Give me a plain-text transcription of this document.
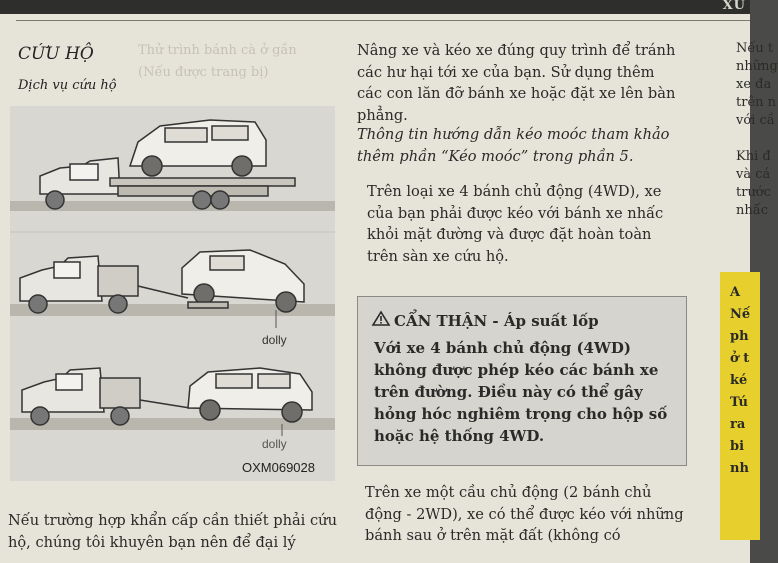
XU
Thử trình bánh cà ở gần
(Nếu được trang bị)
CỨU HỘ
Dịch vụ cứu hộ
dolly
dolly
OXM069028
Nếu trường hợp khẩn cấp cần thiết phải cứu hộ, chúng tôi khuyên bạn nên để đại lý

Nâng xe và kéo xe đúng quy trình để tránh các hư hại tới xe của bạn. Sử dụng thêm các con lăn đỡ bánh xe hoặc đặt xe lên bàn phẳng.

Thông tin hướng dẫn kéo moóc tham khảo thêm phần “Kéo moóc” trong phần 5.

Trên loại xe 4 bánh chủ động (4WD), xe của bạn phải được kéo với bánh xe nhấc khỏi mặt đường và được đặt hoàn toàn trên sàn xe cứu hộ.

Trên xe một cầu chủ động (2 bánh chủ động - 2WD), xe có thể được kéo với những bánh sau ở trên mặt đất (không có

CẨN THẬN - Áp suất lốp
Với xe 4 bánh chủ động (4WD) không được phép kéo các bánh xe trên đường. Điều này có thể gây hỏng hóc nghiêm trọng cho hộp số hoặc hệ thống 4WD.
Nếu t
những
xe đa
trên n
với cầ
Khi đ
và cá
trước
nhấc
A
Nế
ph
ở t
ké
Tú
ra
bi
nh
